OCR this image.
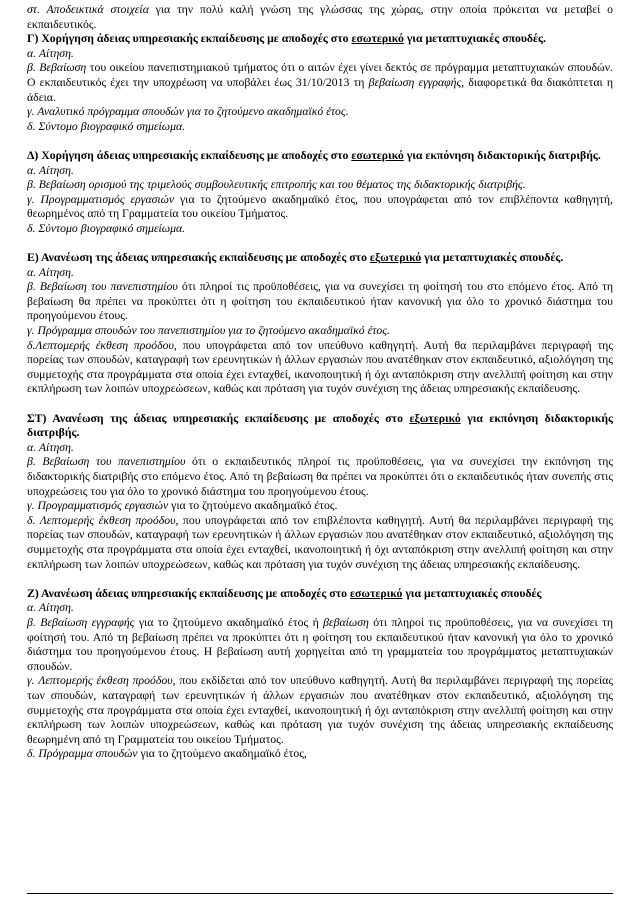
στ. Αποδεικτικά στοιχεία για την πολύ καλή γνώση της γλώσσας της χώρας, στην οποία πρόκειται να μεταβεί ο εκπαιδευτικός.

Γ) Χορήγηση άδειας υπηρεσιακής εκπαίδευσης με αποδοχές στο εσωτερικό για μεταπτυχιακές σπουδές.

α. Αίτηση.

β. Βεβαίωση του οικείου πανεπιστημιακού τμήματος ότι ο αιτών έχει γίνει δεκτός σε πρόγραμμα μεταπτυχιακών σπουδών. Ο εκπαιδευτικός έχει την υποχρέωση να υποβάλει έως 31/10/2013 τη βεβαίωση εγγραφής, διαφορετικά θα διακόπτεται η άδεια.

γ. Αναλυτικό πρόγραμμα σπουδών για το ζητούμενο ακαδημαϊκό έτος.

δ. Σύντομο βιογραφικό σημείωμα.

Δ) Χορήγηση άδειας υπηρεσιακής εκπαίδευσης με αποδοχές στο εσωτερικό για εκπόνηση διδακτορικής διατριβής.

α. Αίτηση.

β. Βεβαίωση ορισμού της τριμελούς συμβουλευτικής επιτροπής και του θέματος της διδακτορικής διατριβής.

γ. Προγραμματισμός εργασιών για το ζητούμενο ακαδημαϊκό έτος, που υπογράφεται από τον επιβλέποντα καθηγητή, θεωρημένος από τη Γραμματεία του οικείου Τμήματος.

δ. Σύντομο βιογραφικό σημείωμα.

Ε) Ανανέωση της άδειας υπηρεσιακής εκπαίδευσης με αποδοχές στο εξωτερικό για μεταπτυχιακές σπουδές.

α. Αίτηση.

β. Βεβαίωση του πανεπιστημίου ότι πληροί τις προϋποθέσεις, για να συνεχίσει τη φοίτησή του στο επόμενο έτος. Από τη βεβαίωση θα πρέπει να προκύπτει ότι η φοίτηση του εκπαιδευτικού ήταν κανονική για όλο το χρονικό διάστημα του προηγούμενου έτους.

γ. Πρόγραμμα σπουδών του πανεπιστημίου για το ζητούμενο ακαδημαϊκό έτος.

δ.Λεπτομερής έκθεση προόδου, που υπογράφεται από τον υπεύθυνο καθηγητή. Αυτή θα περιλαμβάνει περιγραφή της πορείας των σπουδών, καταγραφή των ερευνητικών ή άλλων εργασιών που ανατέθηκαν στον εκπαιδευτικό, αξιολόγηση της συμμετοχής στα προγράμματα στα οποία έχει ενταχθεί, ικανοποιητική ή όχι ανταπόκριση στην ανελλιπή φοίτηση και στην εκπλήρωση των λοιπών υποχρεώσεων, καθώς και πρόταση για τυχόν συνέχιση της άδειας υπηρεσιακής εκπαίδευσης.

ΣΤ) Ανανέωση της άδειας υπηρεσιακής εκπαίδευσης με αποδοχές στο εξωτερικό για εκπόνηση διδακτορικής διατριβής.

α. Αίτηση.

β. Βεβαίωση του πανεπιστημίου ότι ο εκπαιδευτικός πληροί τις προϋποθέσεις, για να συνεχίσει την εκπόνηση της διδακτορικής διατριβής στο επόμενο έτος. Από τη βεβαίωση θα πρέπει να προκύπτει ότι ο εκπαιδευτικός ήταν συνεπής στις υποχρεώσεις του για όλο το χρονικό διάστημα του προηγούμενου έτους.

γ. Προγραμματισμός εργασιών για το ζητούμενο ακαδημαϊκό έτος.

δ. Λεπτομερής έκθεση προόδου, που υπογράφεται από τον επιβλέποντα καθηγητή. Αυτή θα περιλαμβάνει περιγραφή της πορείας των σπουδών, καταγραφή των ερευνητικών ή άλλων εργασιών που ανατέθηκαν στον εκπαιδευτικό, αξιολόγηση της συμμετοχής στα προγράμματα στα οποία έχει ενταχθεί, ικανοποιητική ή όχι ανταπόκριση στην ανελλιπή φοίτηση και στην εκπλήρωση των λοιπών υποχρεώσεων, καθώς και πρόταση για τυχόν συνέχιση της άδειας υπηρεσιακής εκπαίδευσης.

Ζ) Ανανέωση άδειας υπηρεσιακής εκπαίδευσης με αποδοχές στο εσωτερικό για μεταπτυχιακές σπουδές

α. Αίτηση.

β. Βεβαίωση εγγραφής για το ζητούμενο ακαδημαϊκό έτος ή βεβαίωση ότι πληροί τις προϋποθέσεις, για να συνεχίσει τη φοίτησή του. Από τη βεβαίωση πρέπει να προκύπτει ότι η φοίτηση του εκπαιδευτικού ήταν κανονική για όλο το χρονικό διάστημα του προηγούμενου έτους. Η βεβαίωση αυτή χορηγείται από τη γραμματεία του προγράμματος μεταπτυχιακών σπουδών.

γ. Λεπτομερής έκθεση προόδου, που εκδίδεται από τον υπεύθυνο καθηγητή. Αυτή θα περιλαμβάνει περιγραφή της πορείας των σπουδών, καταγραφή των ερευνητικών ή άλλων εργασιών που ανατέθηκαν στον εκπαιδευτικό, αξιολόγηση της συμμετοχής στα προγράμματα στα οποία έχει ενταχθεί, ικανοποιητική ή όχι ανταπόκριση στην ανελλιπή φοίτηση και στην εκπλήρωση των λοιπών υποχρεώσεων, καθώς και πρόταση για τυχόν συνέχιση της άδειας υπηρεσιακής εκπαίδευσης θεωρημένη από τη Γραμματεία του οικείου Τμήματος.

δ. Πρόγραμμα σπουδών για το ζητούμενο ακαδημαϊκό έτος,
